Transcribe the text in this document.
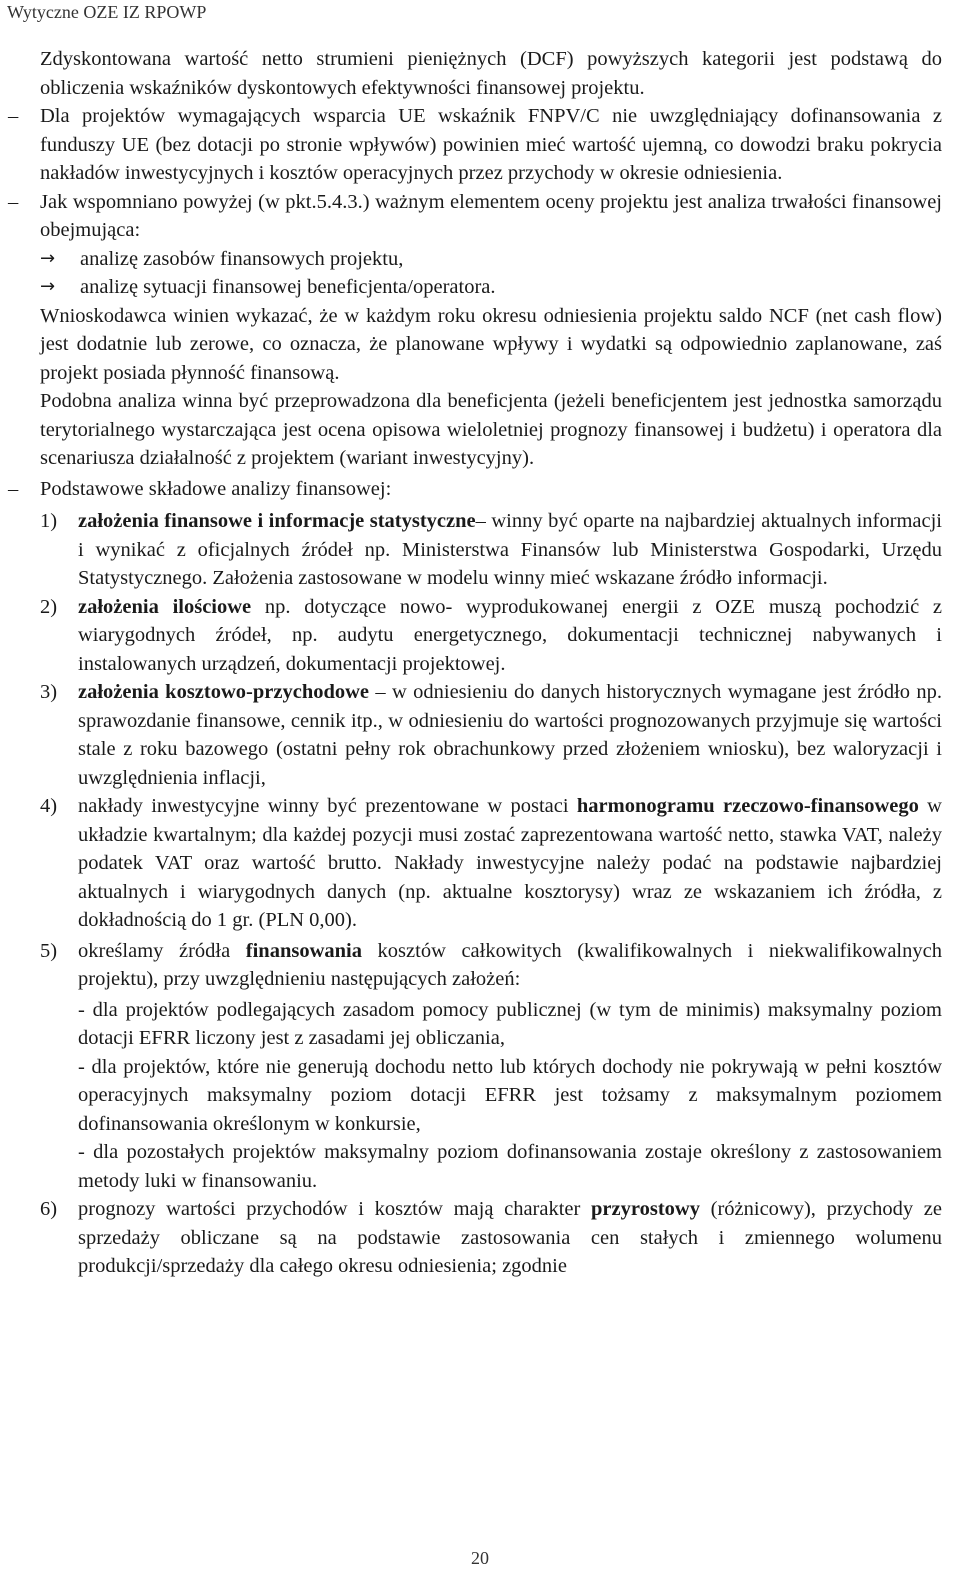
Wytyczne OZE IZ RPOWP

Zdyskontowana wartość netto strumieni pieniężnych (DCF) powyższych kategorii jest podstawą do obliczenia wskaźników dyskontowych efektywności finansowej projektu.

– Dla projektów wymagających wsparcia UE wskaźnik FNPV/C nie uwzględniający dofinansowania z funduszy UE (bez dotacji po stronie wpływów) powinien mieć wartość ujemną, co dowodzi braku pokrycia nakładów inwestycyjnych i kosztów operacyjnych przez przychody w okresie odniesienia.

– Jak wspomniano powyżej (w pkt.5.4.3.) ważnym elementem oceny projektu jest analiza trwałości finansowej obejmująca:

→ analizę zasobów finansowych projektu,

→ analizę sytuacji finansowej beneficjenta/operatora.

Wnioskodawca winien wykazać, że w każdym roku okresu odniesienia projektu saldo NCF (net cash flow) jest dodatnie lub zerowe, co oznacza, że planowane wpływy i wydatki są odpowiednio zaplanowane, zaś projekt posiada płynność finansową.

Podobna analiza winna być przeprowadzona dla beneficjenta (jeżeli beneficjentem jest jednostka samorządu terytorialnego wystarczająca jest ocena opisowa wieloletniej prognozy finansowej i budżetu) i operatora dla scenariusza działalność z projektem (wariant inwestycyjny).

– Podstawowe składowe analizy finansowej:

1) założenia finansowe i informacje statystyczne– winny być oparte na najbardziej aktualnych informacji i wynikać z oficjalnych źródeł np. Ministerstwa Finansów lub Ministerstwa Gospodarki, Urzędu Statystycznego. Założenia zastosowane w modelu winny mieć wskazane źródło informacji.

2) założenia ilościowe np. dotyczące nowo- wyprodukowanej energii z OZE muszą pochodzić z wiarygodnych źródeł, np. audytu energetycznego, dokumentacji technicznej nabywanych i instalowanych urządzeń, dokumentacji projektowej.

3) założenia kosztowo-przychodowe – w odniesieniu do danych historycznych wymagane jest źródło np. sprawozdanie finansowe, cennik itp., w odniesieniu do wartości prognozowanych przyjmuje się wartości stale z roku bazowego (ostatni pełny rok obrachunkowy przed złożeniem wniosku), bez waloryzacji i uwzględnienia inflacji,

4) nakłady inwestycyjne winny być prezentowane w postaci harmonogramu rzeczowo-finansowego w układzie kwartalnym; dla każdej pozycji musi zostać zaprezentowana wartość netto, stawka VAT, należy podatek VAT oraz wartość brutto. Nakłady inwestycyjne należy podać na podstawie najbardziej aktualnych i wiarygodnych danych (np. aktualne kosztorysy) wraz ze wskazaniem ich źródła, z dokładnością do 1 gr. (PLN 0,00).

5) określamy źródła finansowania kosztów całkowitych (kwalifikowalnych i niekwalifikowalnych projektu), przy uwzględnieniu następujących założeń:

- dla projektów podlegających zasadom pomocy publicznej (w tym de minimis) maksymalny poziom dotacji EFRR liczony jest z zasadami jej obliczania,

- dla projektów, które nie generują dochodu netto lub których dochody nie pokrywają w pełni kosztów operacyjnych maksymalny poziom dotacji EFRR jest tożsamy z maksymalnym poziomem dofinansowania określonym w konkursie,

- dla pozostałych projektów maksymalny poziom dofinansowania zostaje określony z zastosowaniem metody luki w finansowaniu.

6) prognozy wartości przychodów i kosztów mają charakter przyrostowy (różnicowy), przychody ze sprzedaży obliczane są na podstawie zastosowania cen stałych i zmiennego wolumenu produkcji/sprzedaży dla całego okresu odniesienia; zgodnie

20
